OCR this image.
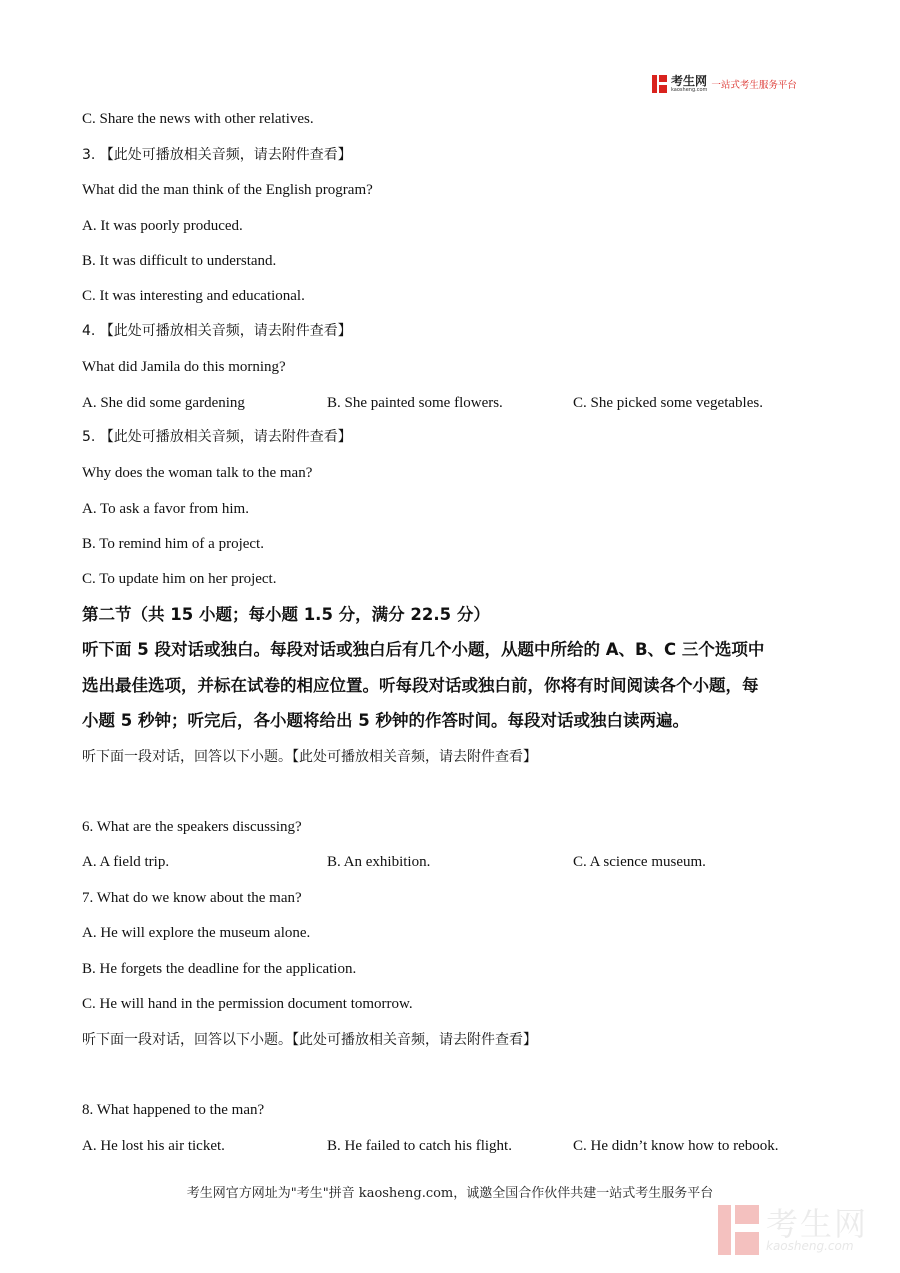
考生网
kaosheng.com 一站式考生服务平台
C. Share the news with other relatives.
3. 【此处可播放相关音频，请去附件查看】
What did the man think of the English program?
A. It was poorly produced.
B. It was difficult to understand.
C. It was interesting and educational.
4. 【此处可播放相关音频，请去附件查看】
What did Jamila do this morning?
A. She did some gardening	B. She painted some flowers.	C. She picked some vegetables.
5. 【此处可播放相关音频，请去附件查看】
Why does the woman talk to the man?
A. To ask a favor from him.
B. To remind him of a project.
C. To update him on her project.
第二节（共 15 小题；每小题 1.5 分，满分 22.5 分）
听下面 5 段对话或独白。每段对话或独白后有几个小题，从题中所给的 A、B、C 三个选项中
选出最佳选项，并标在试卷的相应位置。听每段对话或独白前，你将有时间阅读各个小题，每
小题 5 秒钟；听完后，各小题将给出 5 秒钟的作答时间。每段对话或独白读两遍。
听下面一段对话，回答以下小题。【此处可播放相关音频，请去附件查看】
6. What are the speakers discussing?
A. A field trip.	B. An exhibition.	C. A science museum.
7. What do we know about the man?
A. He will explore the museum alone.
B. He forgets the deadline for the application.
C. He will hand in the permission document tomorrow.
听下面一段对话，回答以下小题。【此处可播放相关音频，请去附件查看】
8. What happened to the man?
A. He lost his air ticket.	B. He failed to catch his flight.	C. He didn’t know how to rebook.
考生网官方网址为"考生"拼音 kaosheng.com，诚邀全国合作伙伴共建一站式考生服务平台
考生网
kaosheng.com
